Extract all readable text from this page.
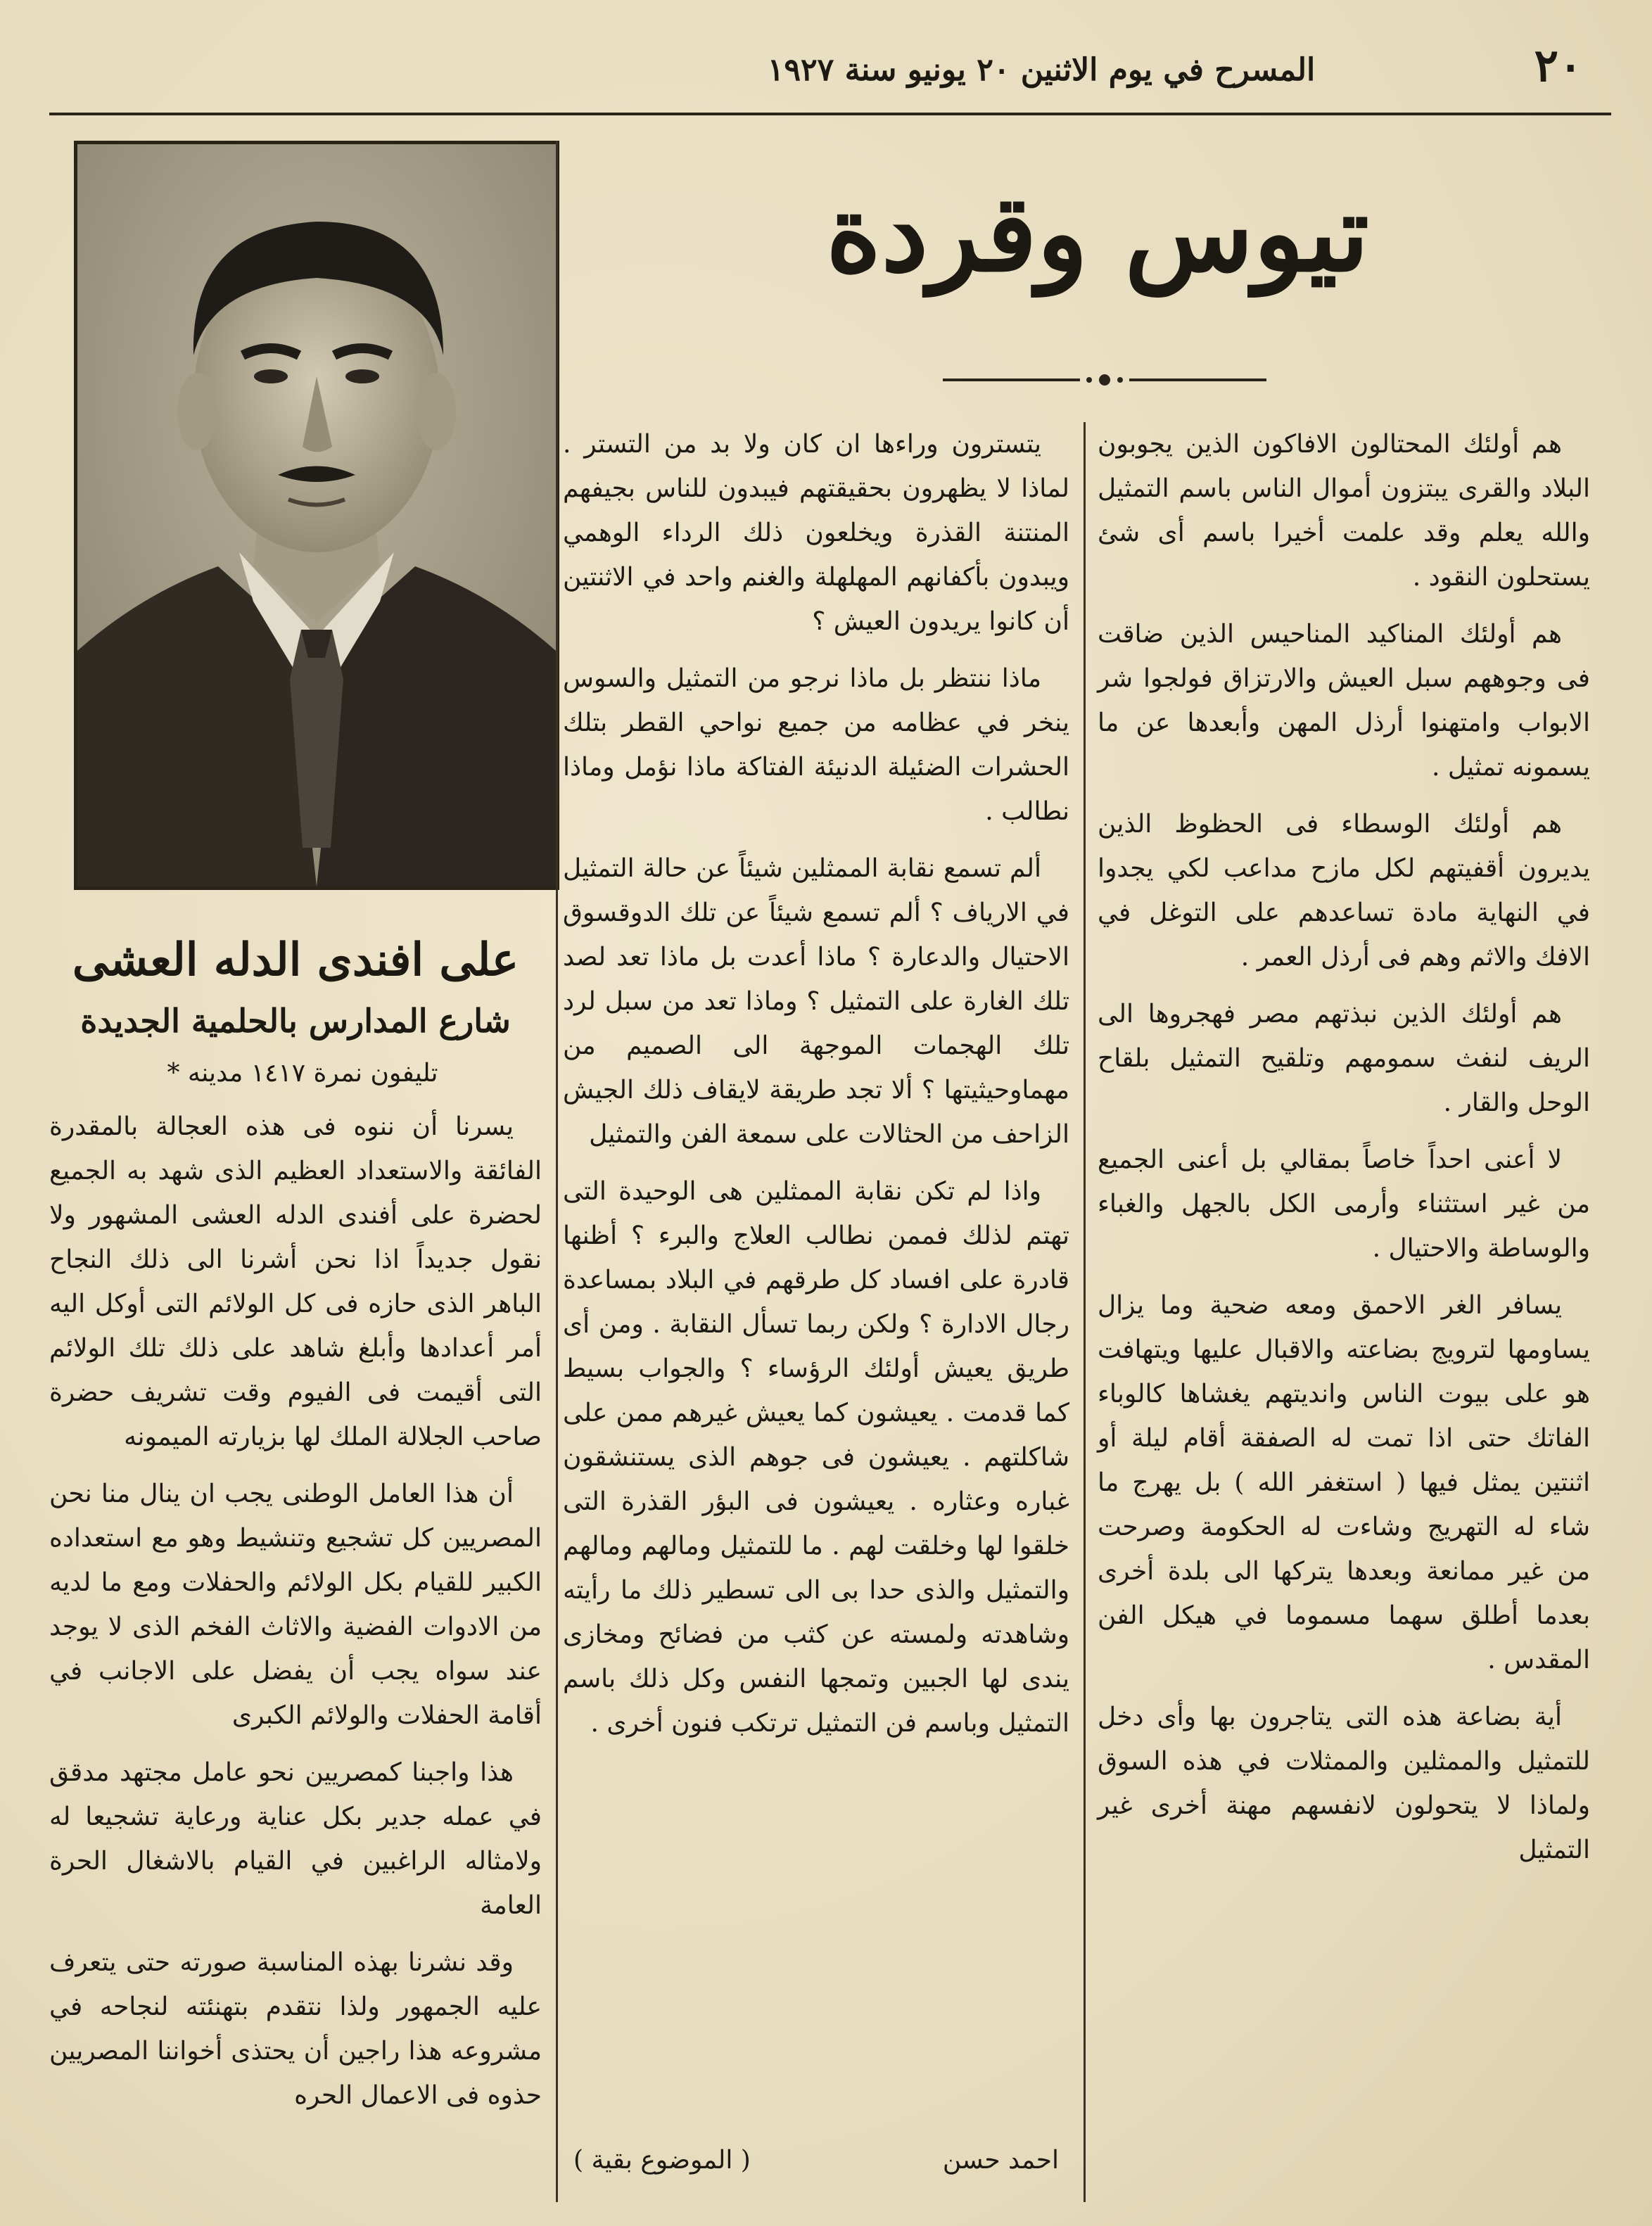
المسرح في يوم الاثنين ٢٠ يونيو سنة ١٩٢٧	٢٠
تيوس وقردة

هم أولئك المحتالون الافاكون الذين يجوبون البلاد والقرى يبتزون أموال الناس باسم التمثيل والله يعلم وقد علمت أخيرا باسم أى شئ يستحلون النقود .

هم أولئك المناكيد المناحيس الذين ضاقت فى وجوههم سبل العيش والارتزاق فولجوا شر الابواب وامتهنوا أرذل المهن وأبعدها عن ما يسمونه تمثيل .

هم أولئك الوسطاء فى الحظوظ الذين يديرون أقفيتهم لكل مازح مداعب لكي يجدوا في النهاية مادة تساعدهم على التوغل في الافك والاثم وهم فى أرذل العمر .

هم أولئك الذين نبذتهم مصر فهجروها الى الريف لنفث سمومهم وتلقيح التمثيل بلقاح الوحل والقار .

لا أعنى احداً خاصاً بمقالي بل أعنى الجميع من غير استثناء وأرمى الكل بالجهل والغباء والوساطة والاحتيال .

يسافر الغر الاحمق ومعه ضحية وما يزال يساومها لترويج بضاعته والاقبال عليها ويتهافت هو على بيوت الناس وانديتهم يغشاها كالوباء الفاتك حتى اذا تمت له الصفقة أقام ليلة أو اثنتين يمثل فيها ( استغفر الله ) بل يهرج ما شاء له التهريج وشاءت له الحكومة وصرحت من غير ممانعة وبعدها يتركها الى بلدة أخرى بعدما أطلق سهما مسموما في هيكل الفن المقدس .

أية بضاعة هذه التى يتاجرون بها وأى دخل للتمثيل والممثلين والممثلات في هذه السوق ولماذا لا يتحولون لانفسهم مهنة أخرى غير التمثيل

يتسترون وراءها ان كان ولا بد من التستر . لماذا لا يظهرون بحقيقتهم فيبدون للناس بجيفهم المنتنة القذرة ويخلعون ذلك الرداء الوهمي ويبدون بأكفانهم المهلهلة والغنم واحد في الاثنتين أن كانوا يريدون العيش ؟

ماذا ننتظر بل ماذا نرجو من التمثيل والسوس ينخر في عظامه من جميع نواحي القطر بتلك الحشرات الضئيلة الدنيئة الفتاكة ماذا نؤمل وماذا نطالب .

ألم تسمع نقابة الممثلين شيئاً عن حالة التمثيل في الارياف ؟ ألم تسمع شيئاً عن تلك الدوقسوق الاحتيال والدعارة ؟ ماذا أعدت بل ماذا تعد لصد تلك الغارة على التمثيل ؟ وماذا تعد من سبل لرد تلك الهجمات الموجهة الى الصميم من مهماوحيثيتها ؟ ألا تجد طريقة لايقاف ذلك الجيش الزاحف من الحثالات على سمعة الفن والتمثيل

واذا لم تكن نقابة الممثلين هى الوحيدة التى تهتم لذلك فممن نطالب العلاج والبرء ؟ أظنها قادرة على افساد كل طرقهم في البلاد بمساعدة رجال الادارة ؟ ولكن ربما تسأل النقابة . ومن أى طريق يعيش أولئك الرؤساء ؟ والجواب بسيط كما قدمت . يعيشون كما يعيش غيرهم ممن على شاكلتهم . يعيشون فى جوهم الذى يستنشقون غباره وعثاره . يعيشون فى البؤر القذرة التى خلقوا لها وخلقت لهم . ما للتمثيل ومالهم ومالهم والتمثيل والذى حدا بى الى تسطير ذلك ما رأيته وشاهدته ولمسته عن كثب من فضائح ومخازى يندى لها الجبين وتمجها النفس وكل ذلك باسم التمثيل وباسم فن التمثيل ترتكب فنون أخرى .

احمد حسن
( الموضوع بقية )
على افندى الدله العشى
شارع المدارس بالحلمية الجديدة
تليفون نمرة ١٤١٧ مدينه *

يسرنا أن ننوه فى هذه العجالة بالمقدرة الفائقة والاستعداد العظيم الذى شهد به الجميع لحضرة على أفندى الدله العشى المشهور ولا نقول جديداً اذا نحن أشرنا الى ذلك النجاح الباهر الذى حازه فى كل الولائم التى أوكل اليه أمر أعدادها وأبلغ شاهد على ذلك تلك الولائم التى أقيمت فى الفيوم وقت تشريف حضرة صاحب الجلالة الملك لها بزيارته الميمونه

أن هذا العامل الوطنى يجب ان ينال منا نحن المصريين كل تشجيع وتنشيط وهو مع استعداده الكبير للقيام بكل الولائم والحفلات ومع ما لديه من الادوات الفضية والاثاث الفخم الذى لا يوجد عند سواه يجب أن يفضل على الاجانب في أقامة الحفلات والولائم الكبرى

هذا واجبنا كمصريين نحو عامل مجتهد مدقق في عمله جدير بكل عناية ورعاية تشجيعا له ولامثاله الراغبين في القيام بالاشغال الحرة العامة

وقد نشرنا بهذه المناسبة صورته حتى يتعرف عليه الجمهور ولذا نتقدم بتهنئته لنجاحه في مشروعه هذا راجين أن يحتذى أخواننا المصريين حذوه فى الاعمال الحره
